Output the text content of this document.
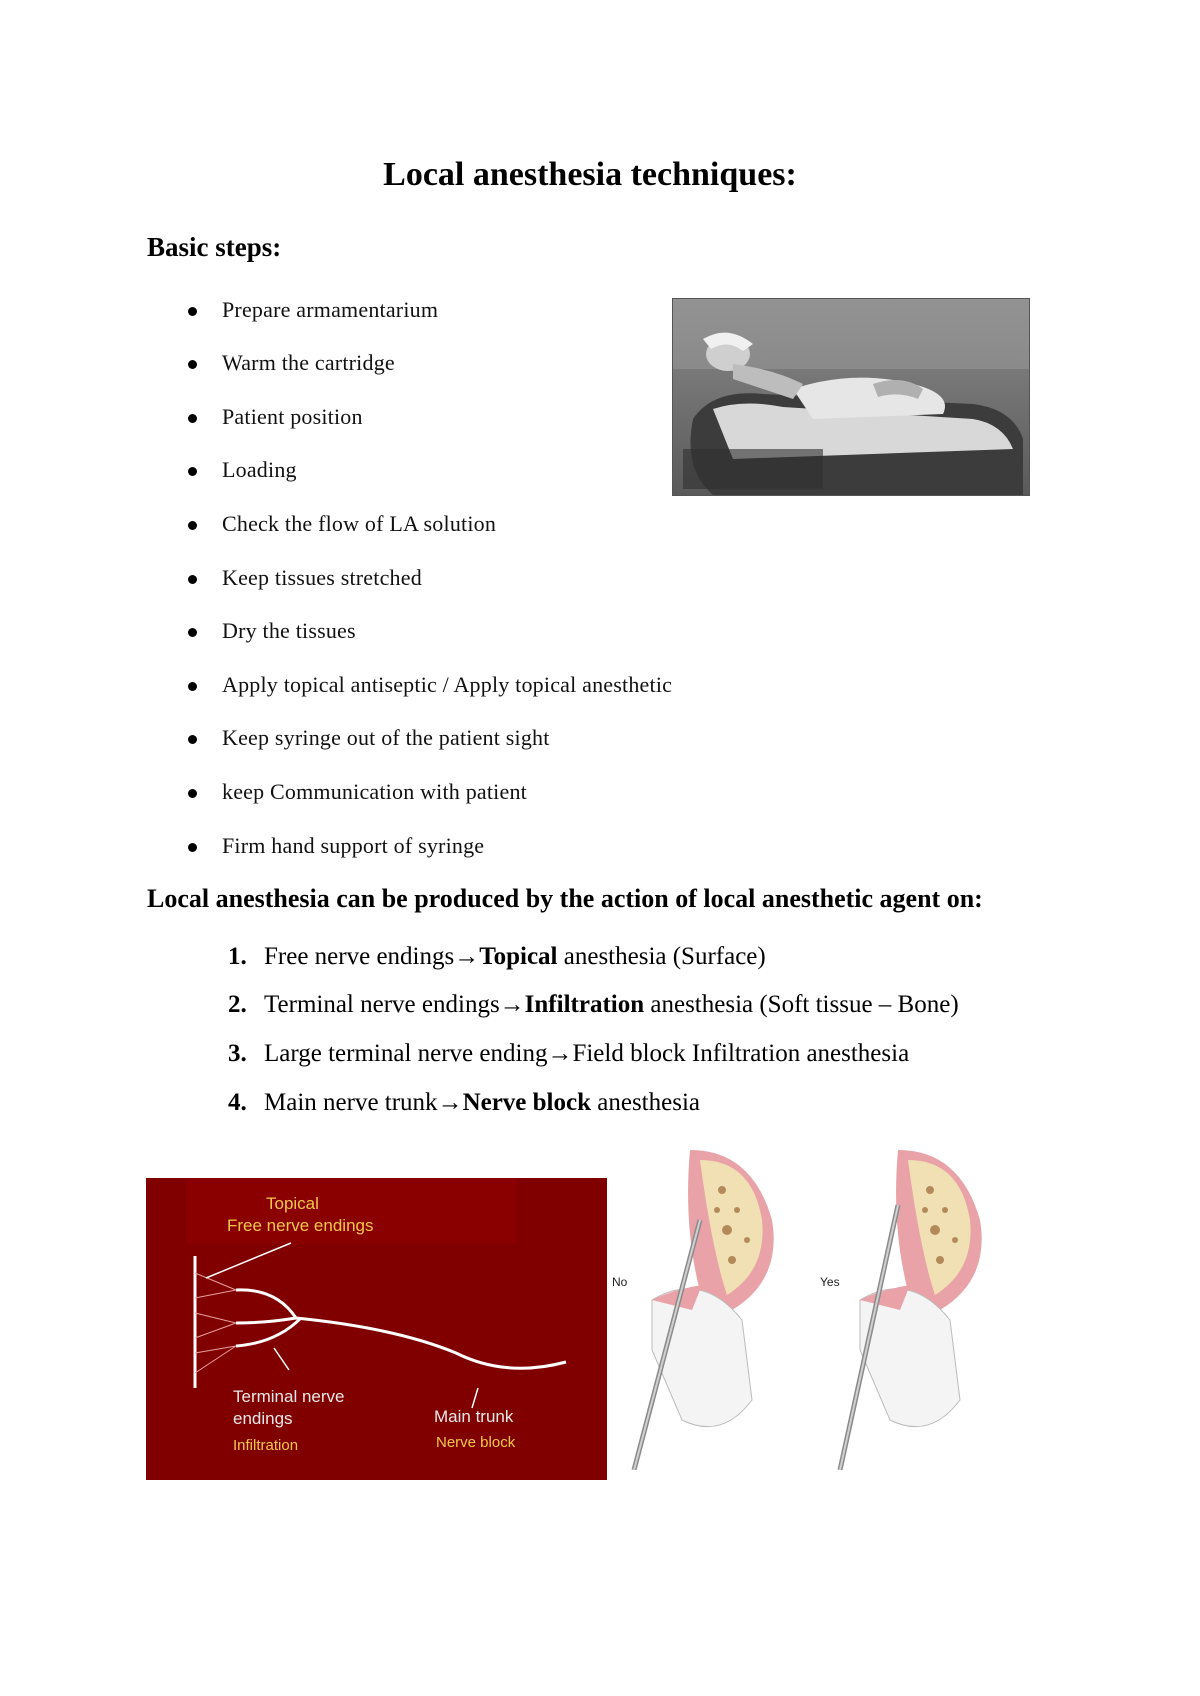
Local anesthesia techniques:
Basic steps:
Prepare armamentarium
Warm the cartridge
Patient position
Loading
Check the flow of LA solution
Keep tissues stretched
Dry the tissues
Apply topical antiseptic / Apply topical anesthetic
Keep syringe out of the patient sight
keep Communication with patient
Firm hand support of syringe
Local anesthesia can be produced by the action of local anesthetic agent on:
1. Free nerve endings→Topical anesthesia (Surface)
2. Terminal nerve endings→Infiltration anesthesia (Soft tissue – Bone)
3. Large terminal nerve ending→Field block Infiltration anesthesia
4. Main nerve trunk→Nerve block anesthesia
Topical
Free nerve endings
Terminal nerve
endings
Infiltration
Main trunk
Nerve block
No	Yes
